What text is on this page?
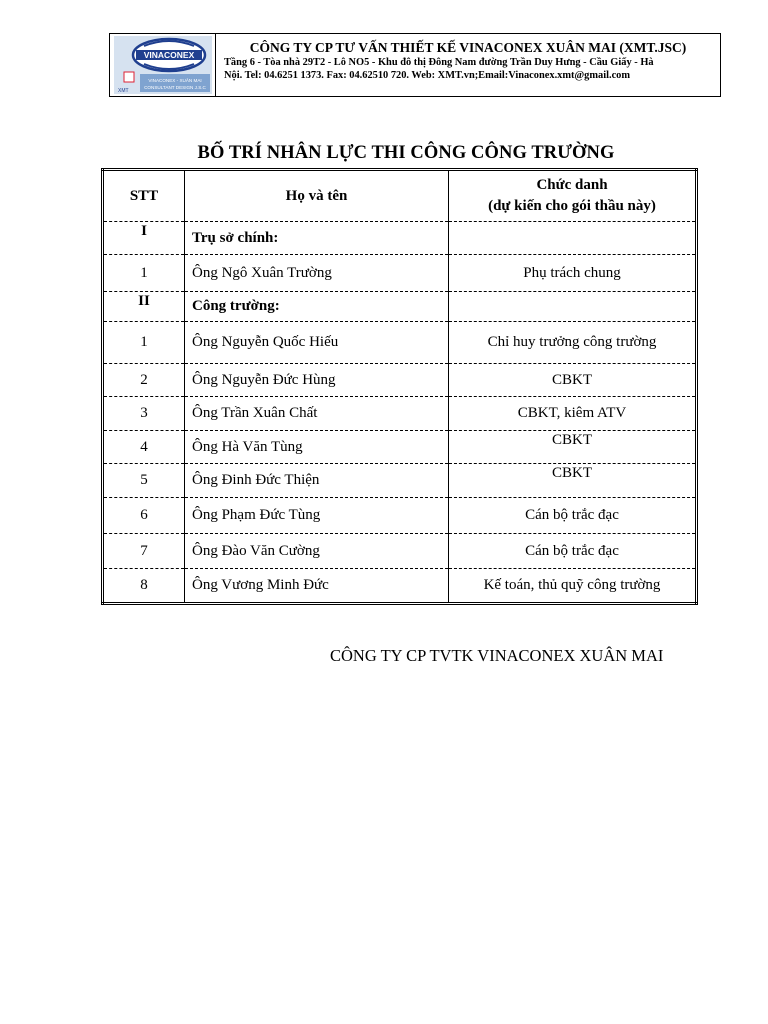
VINACONEX
XMT
VINACONEX - XUÂN MAI
CONSULTANT DESIGN J.S.C
CÔNG TY CP TƯ VẤN THIẾT KẾ VINACONEX XUÂN MAI (XMT.JSC)
Tầng 6 - Tòa nhà 29T2 - Lô NO5 - Khu đô thị Đông Nam đường Trần Duy Hưng - Cầu Giấy - Hà
Nội. Tel: 04.6251 1373. Fax: 04.62510 720. Web: XMT.vn;Email:Vinaconex.xmt@gmail.com
BỐ TRÍ NHÂN LỰC THI CÔNG CÔNG TRƯỜNG
STT	Họ và tên	Chức danh
(dự kiến cho gói thầu này)

I	Trụ sở chính:	
1	Ông Ngô Xuân Trường	Phụ trách chung
II	Công trường:	
1	Ông Nguyễn Quốc Hiếu	Chỉ huy trưởng công trường
2	Ông Nguyễn Đức Hùng	CBKT
3	Ông Trần Xuân Chất	CBKT, kiêm ATV
4	Ông Hà Văn Tùng	CBKT
5	Ông Đinh Đức Thiện	CBKT
6	Ông Phạm Đức Tùng	Cán bộ trắc đạc
7	Ông Đào Văn Cường	Cán bộ trắc đạc
8	Ông Vương Minh Đức	Kế toán, thủ quỹ công trường
CÔNG TY CP TVTK VINACONEX XUÂN MAI
